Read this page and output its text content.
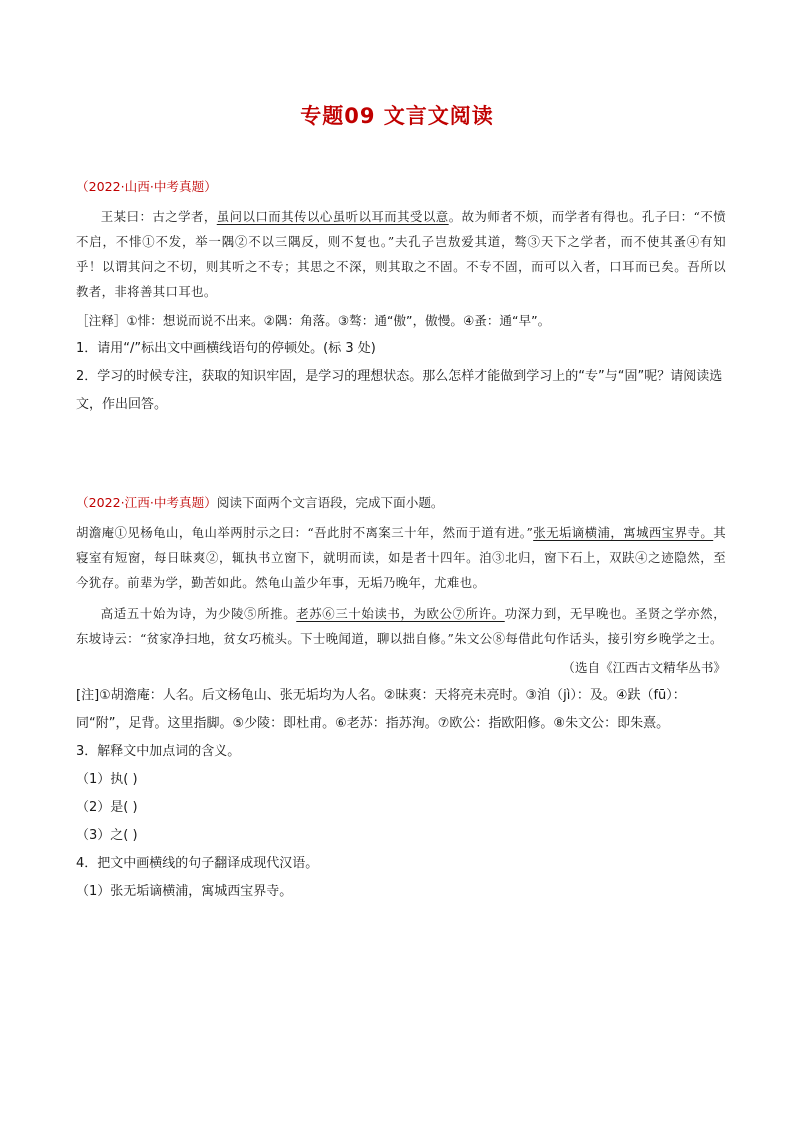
专题09 文言文阅读

（2022·山西·中考真题）

王某曰：古之学者，虽问以口而其传以心虽听以耳而其受以意。故为师者不烦，而学者有得也。孔子曰：“不愤不启，不悱①不发，举一隅②不以三隅反，则不复也。”夫孔子岂敖爱其道，骜③天下之学者，而不使其蚤④有知乎！以谓其问之不切，则其听之不专；其思之不深，则其取之不固。不专不固，而可以入者，口耳而已矣。吾所以教者，非将善其口耳也。

［注释］①悱：想说而说不出来。②隅：角落。③骜：通“傲”，傲慢。④蚤：通“早”。

1．请用“/”标出文中画横线语句的停顿处。(标 3 处)

2．学习的时候专注，获取的知识牢固，是学习的理想状态。那么怎样才能做到学习上的“专”与“固”呢？请阅读选文，作出回答。

（2022·江西·中考真题）阅读下面两个文言语段，完成下面小题。

胡澹庵①见杨龟山，龟山举两肘示之曰：“吾此肘不离案三十年，然而于道有进。”张无垢谪横浦，寓城西宝界寺。其寝室有短窗，每日昧爽②，辄执书立窗下，就明而读，如是者十四年。洎③北归，窗下石上，双趺④之迹隐然，至今犹存。前辈为学，勤苦如此。然龟山盖少年事，无垢乃晚年，尤难也。

高适五十始为诗，为少陵⑤所推。老苏⑥三十始读书，为欧公⑦所许。功深力到，无早晚也。圣贤之学亦然，东坡诗云：“贫家净扫地，贫女巧梳头。下士晚闻道，聊以拙自修。”朱文公⑧每借此句作话头，接引穷乡晚学之士。

（选自《江西古文精华丛书》

[注]①胡澹庵：人名。后文杨龟山、张无垢均为人名。②昧爽：天将亮未亮时。③洎（jì）：及。④趺（fū）：同“附”，足背。这里指脚。⑤少陵：即杜甫。⑥老苏：指苏洵。⑦欧公：指欧阳修。⑧朱文公：即朱熹。

3．解释文中加点词的含义。

（1）执( )

（2）是( )

（3）之( )

4．把文中画横线的句子翻译成现代汉语。

（1）张无垢谪横浦，寓城西宝界寺。
